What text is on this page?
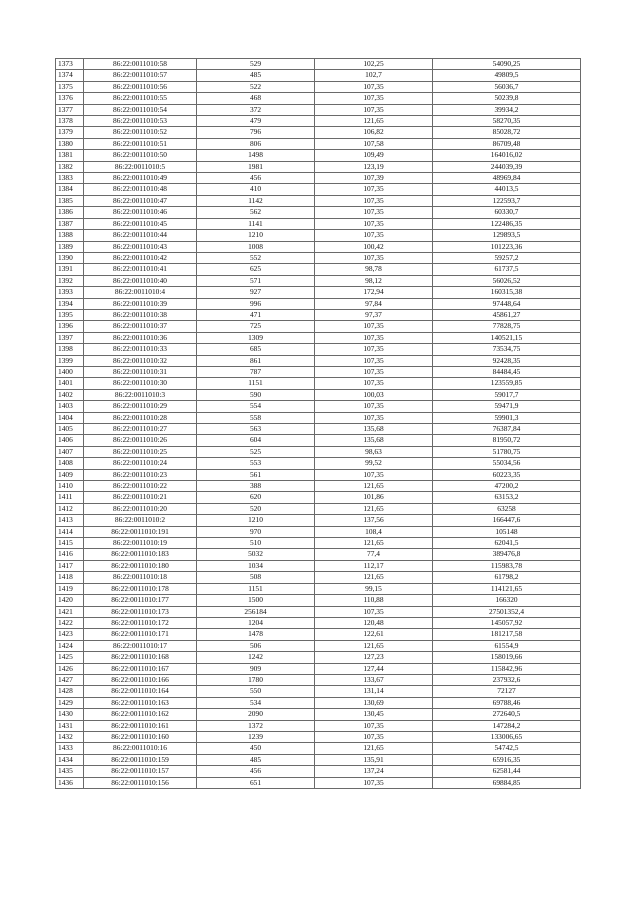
1373	86:22:0011010:58	529	102,25	54090,25
1374	86:22:0011010:57	485	102,7	49809,5
1375	86:22:0011010:56	522	107,35	56036,7
1376	86:22:0011010:55	468	107,35	50239,8
1377	86:22:0011010:54	372	107,35	39934,2
1378	86:22:0011010:53	479	121,65	58270,35
1379	86:22:0011010:52	796	106,82	85028,72
1380	86:22:0011010:51	806	107,58	86709,48
1381	86:22:0011010:50	1498	109,49	164016,02
1382	86:22:0011010:5	1981	123,19	244039,39
1383	86:22:0011010:49	456	107,39	48969,84
1384	86:22:0011010:48	410	107,35	44013,5
1385	86:22:0011010:47	1142	107,35	122593,7
1386	86:22:0011010:46	562	107,35	60330,7
1387	86:22:0011010:45	1141	107,35	122486,35
1388	86:22:0011010:44	1210	107,35	129893,5
1389	86:22:0011010:43	1008	100,42	101223,36
1390	86:22:0011010:42	552	107,35	59257,2
1391	86:22:0011010:41	625	98,78	61737,5
1392	86:22:0011010:40	571	98,12	56026,52
1393	86:22:0011010:4	927	172,94	160315,38
1394	86:22:0011010:39	996	97,84	97448,64
1395	86:22:0011010:38	471	97,37	45861,27
1396	86:22:0011010:37	725	107,35	77828,75
1397	86:22:0011010:36	1309	107,35	140521,15
1398	86:22:0011010:33	685	107,35	73534,75
1399	86:22:0011010:32	861	107,35	92428,35
1400	86:22:0011010:31	787	107,35	84484,45
1401	86:22:0011010:30	1151	107,35	123559,85
1402	86:22:0011010:3	590	100,03	59017,7
1403	86:22:0011010:29	554	107,35	59471,9
1404	86:22:0011010:28	558	107,35	59901,3
1405	86:22:0011010:27	563	135,68	76387,84
1406	86:22:0011010:26	604	135,68	81950,72
1407	86:22:0011010:25	525	98,63	51780,75
1408	86:22:0011010:24	553	99,52	55034,56
1409	86:22:0011010:23	561	107,35	60223,35
1410	86:22:0011010:22	388	121,65	47200,2
1411	86:22:0011010:21	620	101,86	63153,2
1412	86:22:0011010:20	520	121,65	63258
1413	86:22:0011010:2	1210	137,56	166447,6
1414	86:22:0011010:191	970	108,4	105148
1415	86:22:0011010:19	510	121,65	62041,5
1416	86:22:0011010:183	5032	77,4	389476,8
1417	86:22:0011010:180	1034	112,17	115983,78
1418	86:22:0011010:18	508	121,65	61798,2
1419	86:22:0011010:178	1151	99,15	114121,65
1420	86:22:0011010:177	1500	110,88	166320
1421	86:22:0011010:173	256184	107,35	27501352,4
1422	86:22:0011010:172	1204	120,48	145057,92
1423	86:22:0011010:171	1478	122,61	181217,58
1424	86:22:0011010:17	506	121,65	61554,9
1425	86:22:0011010:168	1242	127,23	158019,66
1426	86:22:0011010:167	909	127,44	115842,96
1427	86:22:0011010:166	1780	133,67	237932,6
1428	86:22:0011010:164	550	131,14	72127
1429	86:22:0011010:163	534	130,69	69788,46
1430	86:22:0011010:162	2090	130,45	272640,5
1431	86:22:0011010:161	1372	107,35	147284,2
1432	86:22:0011010:160	1239	107,35	133006,65
1433	86:22:0011010:16	450	121,65	54742,5
1434	86:22:0011010:159	485	135,91	65916,35
1435	86:22:0011010:157	456	137,24	62581,44
1436	86:22:0011010:156	651	107,35	69884,85
